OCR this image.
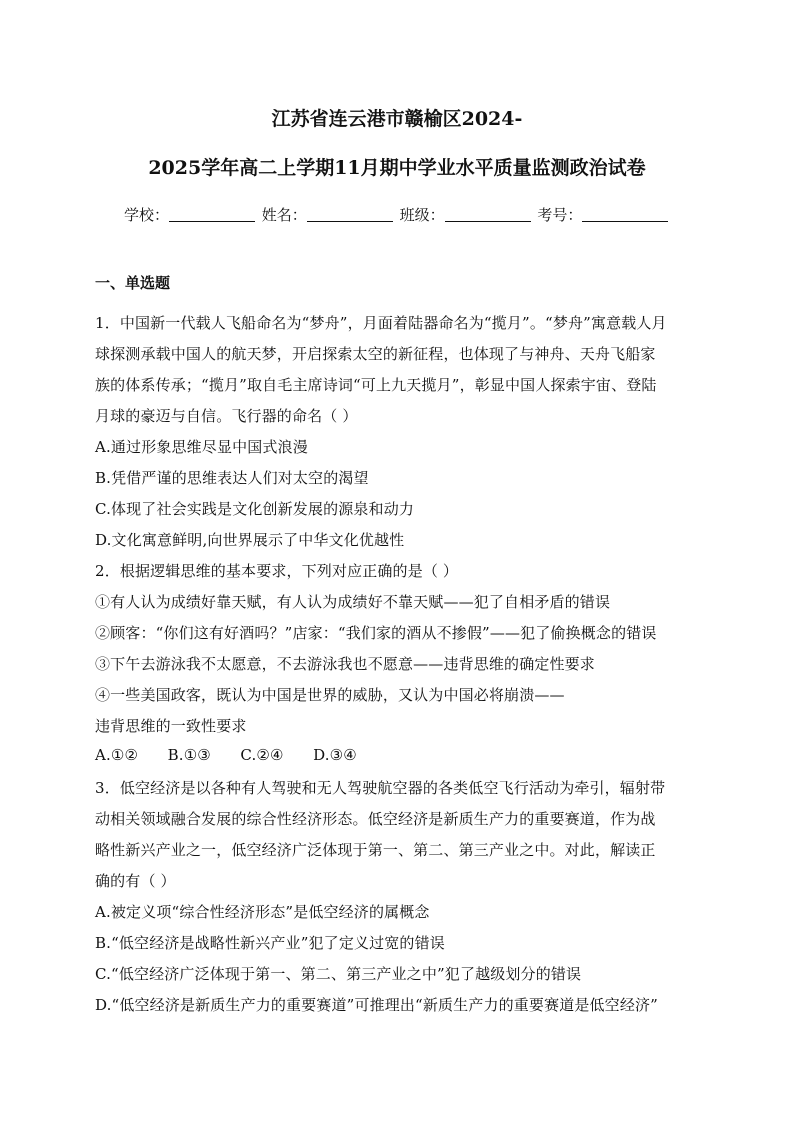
江苏省连云港市赣榆区2024-
2025学年高二上学期11月期中学业水平质量监测政治试卷
学校：	姓名：	班级：	考号：
一、单选题
1．中国新一代载人飞船命名为“梦舟”，月面着陆器命名为“揽月”。“梦舟”寓意载人月
球探测承载中国人的航天梦，开启探索太空的新征程，也体现了与神舟、天舟飞船家
族的体系传承；“揽月”取自毛主席诗词“可上九天揽月”，彰显中国人探索宇宙、登陆
月球的豪迈与自信。飞行器的命名（ ）
A.通过形象思维尽显中国式浪漫
B.凭借严谨的思维表达人们对太空的渴望
C.体现了社会实践是文化创新发展的源泉和动力
D.文化寓意鲜明,向世界展示了中华文化优越性
2．根据逻辑思维的基本要求，下列对应正确的是（ ）
①有人认为成绩好靠天赋，有人认为成绩好不靠天赋——犯了自相矛盾的错误
②顾客：“你们这有好酒吗？”店家：“我们家的酒从不掺假”——犯了偷换概念的错误
③下午去游泳我不太愿意，不去游泳我也不愿意——违背思维的确定性要求
④一些美国政客，既认为中国是世界的威胁，又认为中国必将崩溃——
违背思维的一致性要求
A.①②      B.①③      C.②④      D.③④
3．低空经济是以各种有人驾驶和无人驾驶航空器的各类低空飞行活动为牵引，辐射带
动相关领域融合发展的综合性经济形态。低空经济是新质生产力的重要赛道，作为战
略性新兴产业之一，低空经济广泛体现于第一、第二、第三产业之中。对此，解读正
确的有（ ）
A.被定义项“综合性经济形态”是低空经济的属概念
B.“低空经济是战略性新兴产业”犯了定义过宽的错误
C.“低空经济广泛体现于第一、第二、第三产业之中”犯了越级划分的错误
D.“低空经济是新质生产力的重要赛道”可推理出“新质生产力的重要赛道是低空经济”
